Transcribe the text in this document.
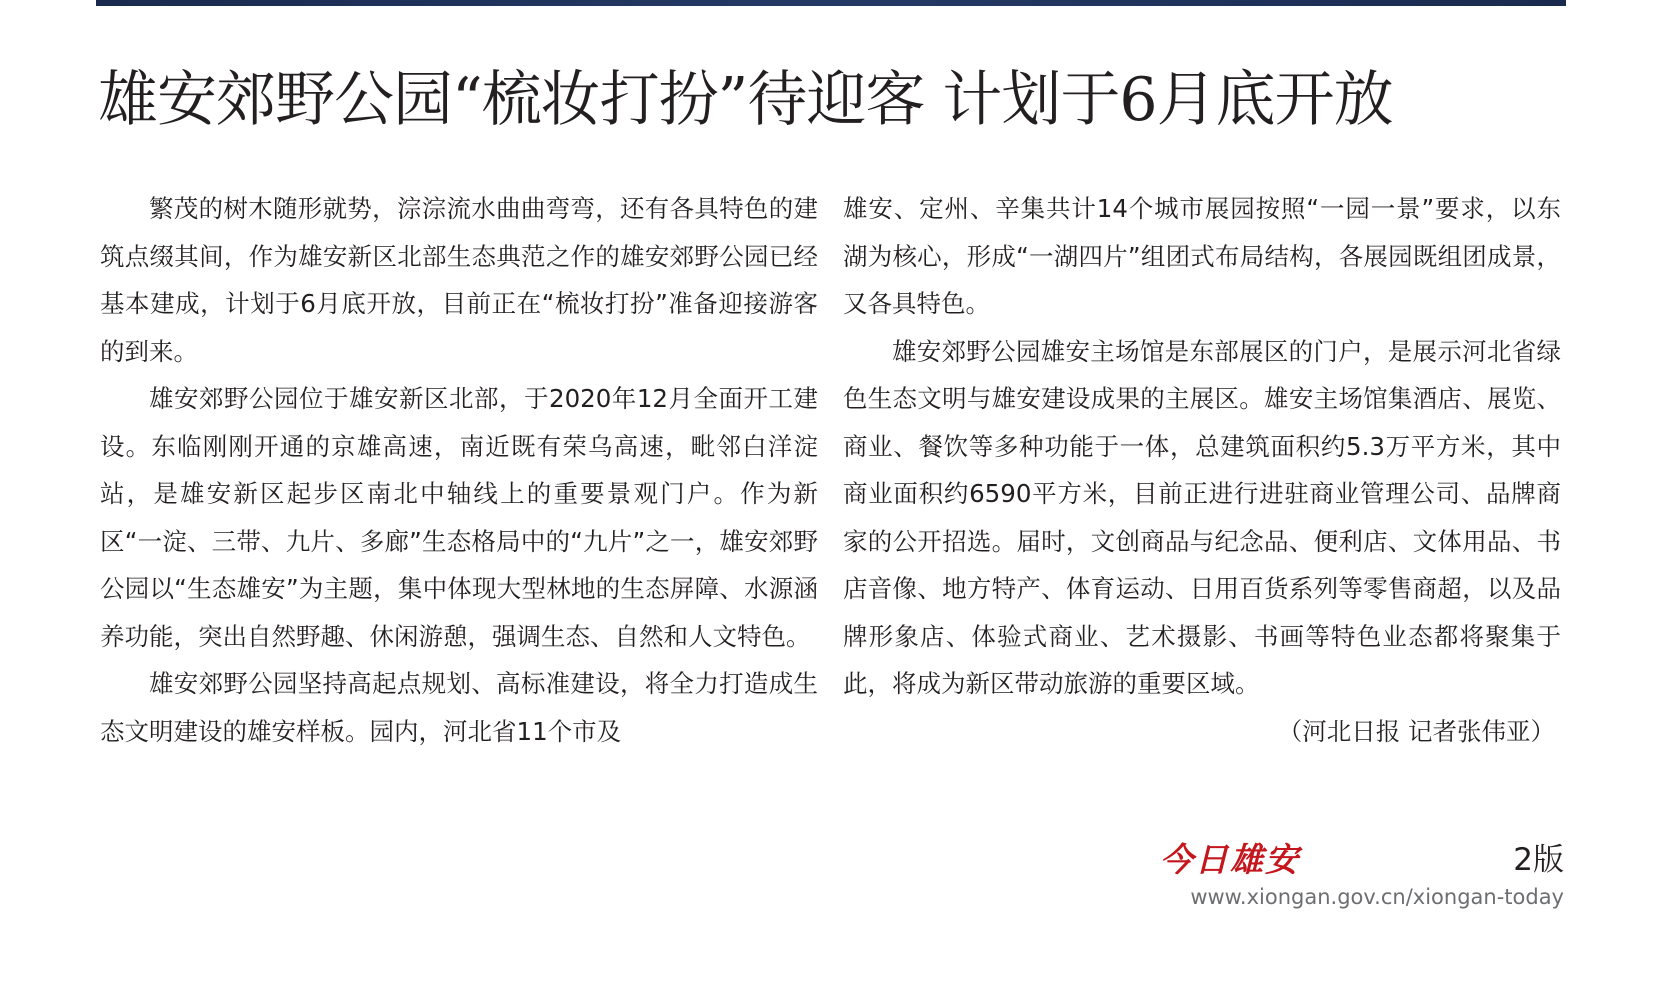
雄安郊野公园“梳妆打扮”待迎客 计划于6月底开放

繁茂的树木随形就势，淙淙流水曲曲弯弯，还有各具特色的建筑点缀其间，作为雄安新区北部生态典范之作的雄安郊野公园已经基本建成，计划于6月底开放，目前正在“梳妆打扮”准备迎接游客的到来。

雄安郊野公园位于雄安新区北部，于2020年12月全面开工建设。东临刚刚开通的京雄高速，南近既有荣乌高速，毗邻白洋淀站，是雄安新区起步区南北中轴线上的重要景观门户。作为新区“一淀、三带、九片、多廊”生态格局中的“九片”之一，雄安郊野公园以“生态雄安”为主题，集中体现大型林地的生态屏障、水源涵养功能，突出自然野趣、休闲游憩，强调生态、自然和人文特色。

雄安郊野公园坚持高起点规划、高标准建设，将全力打造成生态文明建设的雄安样板。园内，河北省11个市及

雄安、定州、辛集共计14个城市展园按照“一园一景”要求，以东湖为核心，形成“一湖四片”组团式布局结构，各展园既组团成景，又各具特色。

雄安郊野公园雄安主场馆是东部展区的门户，是展示河北省绿色生态文明与雄安建设成果的主展区。雄安主场馆集酒店、展览、商业、餐饮等多种功能于一体，总建筑面积约5.3万平方米，其中商业面积约6590平方米，目前正进行进驻商业管理公司、品牌商家的公开招选。届时，文创商品与纪念品、便利店、文体用品、书店音像、地方特产、体育运动、日用百货系列等零售商超，以及品牌形象店、体验式商业、艺术摄影、书画等特色业态都将聚集于此，将成为新区带动旅游的重要区域。

（河北日报 记者张伟亚）
今日雄安	2版
www.xiongan.gov.cn/xiongan-today
